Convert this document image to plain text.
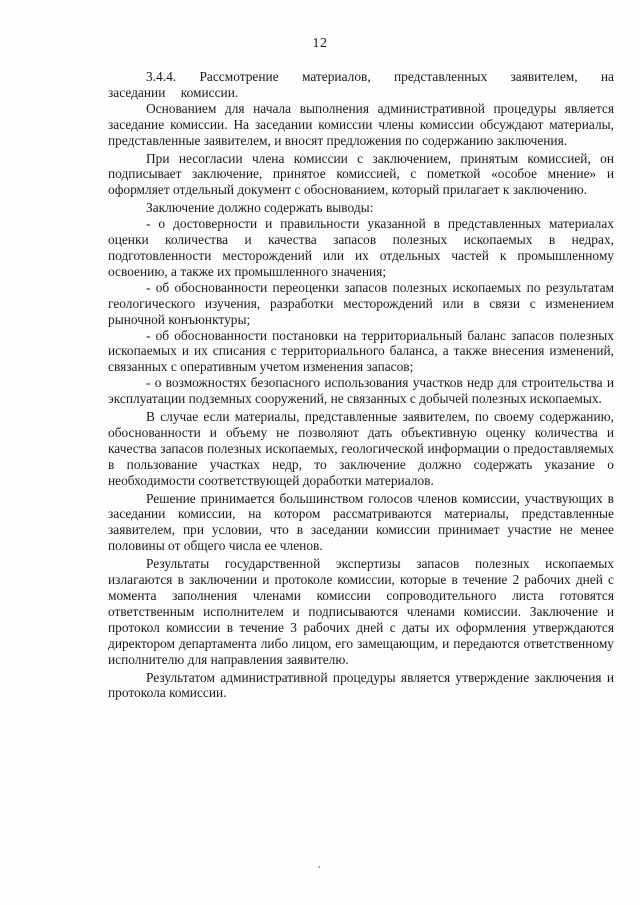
12

3.4.4. Рассмотрение материалов, представленных заявителем, на заседании комиссии.

Основанием для начала выполнения административной процедуры является заседание комиссии. На заседании комиссии члены комиссии обсуждают материалы, представленные заявителем, и вносят предложения по содержанию заключения.

При несогласии члена комиссии с заключением, принятым комиссией, он подписывает заключение, принятое комиссией, с пометкой «особое мнение» и оформляет отдельный документ с обоснованием, который прилагает к заключению.

Заключение должно содержать выводы:

- о достоверности и правильности указанной в представленных материалах оценки количества и качества запасов полезных ископаемых в недрах, подготовленности месторождений или их отдельных частей к промышленному освоению, а также их промышленного значения;

- об обоснованности переоценки запасов полезных ископаемых по результатам геологического изучения, разработки месторождений или в связи с изменением рыночной конъюнктуры;

- об обоснованности постановки на территориальный баланс запасов полезных ископаемых и их списания с территориального баланса, а также внесения изменений, связанных с оперативным учетом изменения запасов;

- о возможностях безопасного использования участков недр для строительства и эксплуатации подземных сооружений, не связанных с добычей полезных ископаемых.

В случае если материалы, представленные заявителем, по своему содержанию, обоснованности и объему не позволяют дать объективную оценку количества и качества запасов полезных ископаемых, геологической информации о предоставляемых в пользование участках недр, то заключение должно содержать указание о необходимости соответствующей доработки материалов.

Решение принимается большинством голосов членов комиссии, участвующих в заседании комиссии, на котором рассматриваются материалы, представленные заявителем, при условии, что в заседании комиссии принимает участие не менее половины от общего числа ее членов.

Результаты государственной экспертизы запасов полезных ископаемых излагаются в заключении и протоколе комиссии, которые в течение 2 рабочих дней с момента заполнения членами комиссии сопроводительного листа готовятся ответственным исполнителем и подписываются членами комиссии. Заключение и протокол комиссии в течение 3 рабочих дней с даты их оформления утверждаются директором департамента либо лицом, его замещающим, и передаются ответственному исполнителю для направления заявителю.

Результатом административной процедуры является утверждение заключения и протокола комиссии.
